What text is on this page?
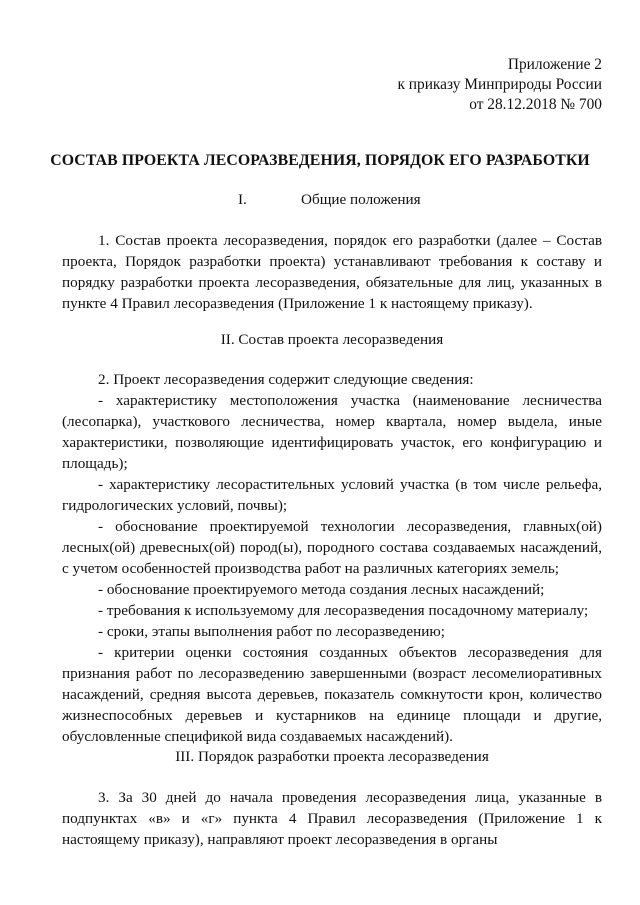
Приложение 2
к приказу Минприроды России
от 28.12.2018 № 700
СОСТАВ ПРОЕКТА ЛЕСОРАЗВЕДЕНИЯ, ПОРЯДОК ЕГО РАЗРАБОТКИ
I.	Общие положения

1. Состав проекта лесоразведения, порядок его разработки (далее – Состав проекта, Порядок разработки проекта) устанавливают требования к составу и порядку разработки проекта лесоразведения, обязательные для лиц, указанных в пункте 4 Правил лесоразведения (Приложение 1 к настоящему приказу).

II. Состав проекта лесоразведения

2. Проект лесоразведения содержит следующие сведения:

- характеристику местоположения участка (наименование лесничества (лесопарка), участкового лесничества, номер квартала, номер выдела, иные характеристики, позволяющие идентифицировать участок, его конфигурацию и площадь);

- характеристику лесорастительных условий участка (в том числе рельефа, гидрологических условий, почвы);

- обоснование проектируемой технологии лесоразведения, главных(ой) лесных(ой) древесных(ой) пород(ы), породного состава создаваемых насаждений, с учетом особенностей производства работ на различных категориях земель;

- обоснование проектируемого метода создания лесных насаждений;

- требования к используемому для лесоразведения посадочному материалу;

- сроки, этапы выполнения работ по лесоразведению;

- критерии оценки состояния созданных объектов лесоразведения для признания работ по лесоразведению завершенными (возраст лесомелиоративных насаждений, средняя высота деревьев, показатель сомкнутости крон, количество жизнеспособных деревьев и кустарников на единице площади и другие, обусловленные спецификой вида создаваемых насаждений).

III. Порядок разработки проекта лесоразведения

3. За 30 дней до начала проведения лесоразведения лица, указанные в подпунктах «в» и «г» пункта 4 Правил лесоразведения (Приложение 1 к настоящему приказу), направляют проект лесоразведения в органы
